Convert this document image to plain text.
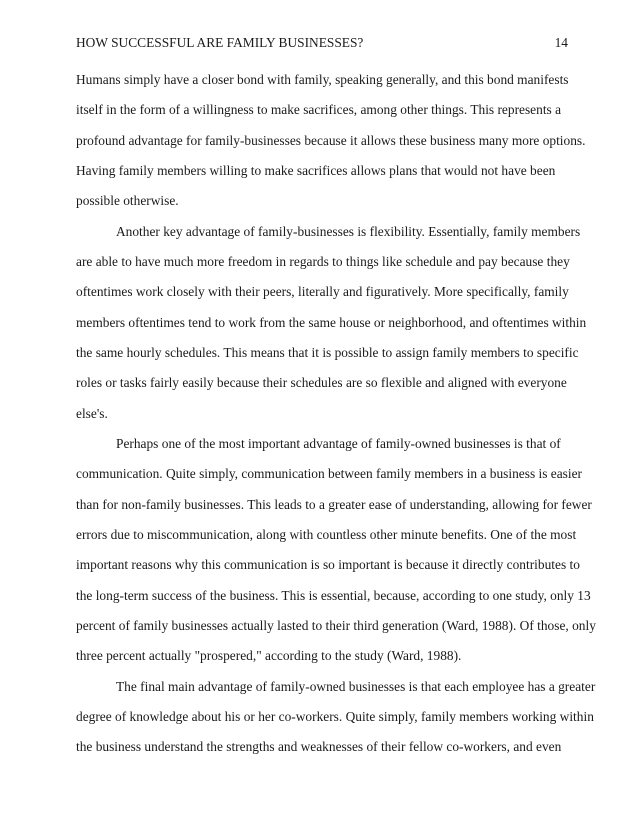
HOW SUCCESSFUL ARE FAMILY BUSINESSES?	14
Humans simply have a closer bond with family, speaking generally, and this bond manifests
itself in the form of a willingness to make sacrifices, among other things. This represents a
profound advantage for family-businesses because it allows these business many more options.
Having family members willing to make sacrifices allows plans that would not have been
possible otherwise.
Another key advantage of family-businesses is flexibility. Essentially, family members
are able to have much more freedom in regards to things like schedule and pay because they
oftentimes work closely with their peers, literally and figuratively. More specifically, family
members oftentimes tend to work from the same house or neighborhood, and oftentimes within
the same hourly schedules. This means that it is possible to assign family members to specific
roles or tasks fairly easily because their schedules are so flexible and aligned with everyone
else's.
Perhaps one of the most important advantage of family-owned businesses is that of
communication. Quite simply, communication between family members in a business is easier
than for non-family businesses. This leads to a greater ease of understanding, allowing for fewer
errors due to miscommunication, along with countless other minute benefits. One of the most
important reasons why this communication is so important is because it directly contributes to
the long-term success of the business. This is essential, because, according to one study, only 13
percent of family businesses actually lasted to their third generation (Ward, 1988). Of those, only
three percent actually "prospered," according to the study (Ward, 1988).
The final main advantage of family-owned businesses is that each employee has a greater
degree of knowledge about his or her co-workers. Quite simply, family members working within
the business understand the strengths and weaknesses of their fellow co-workers, and even
